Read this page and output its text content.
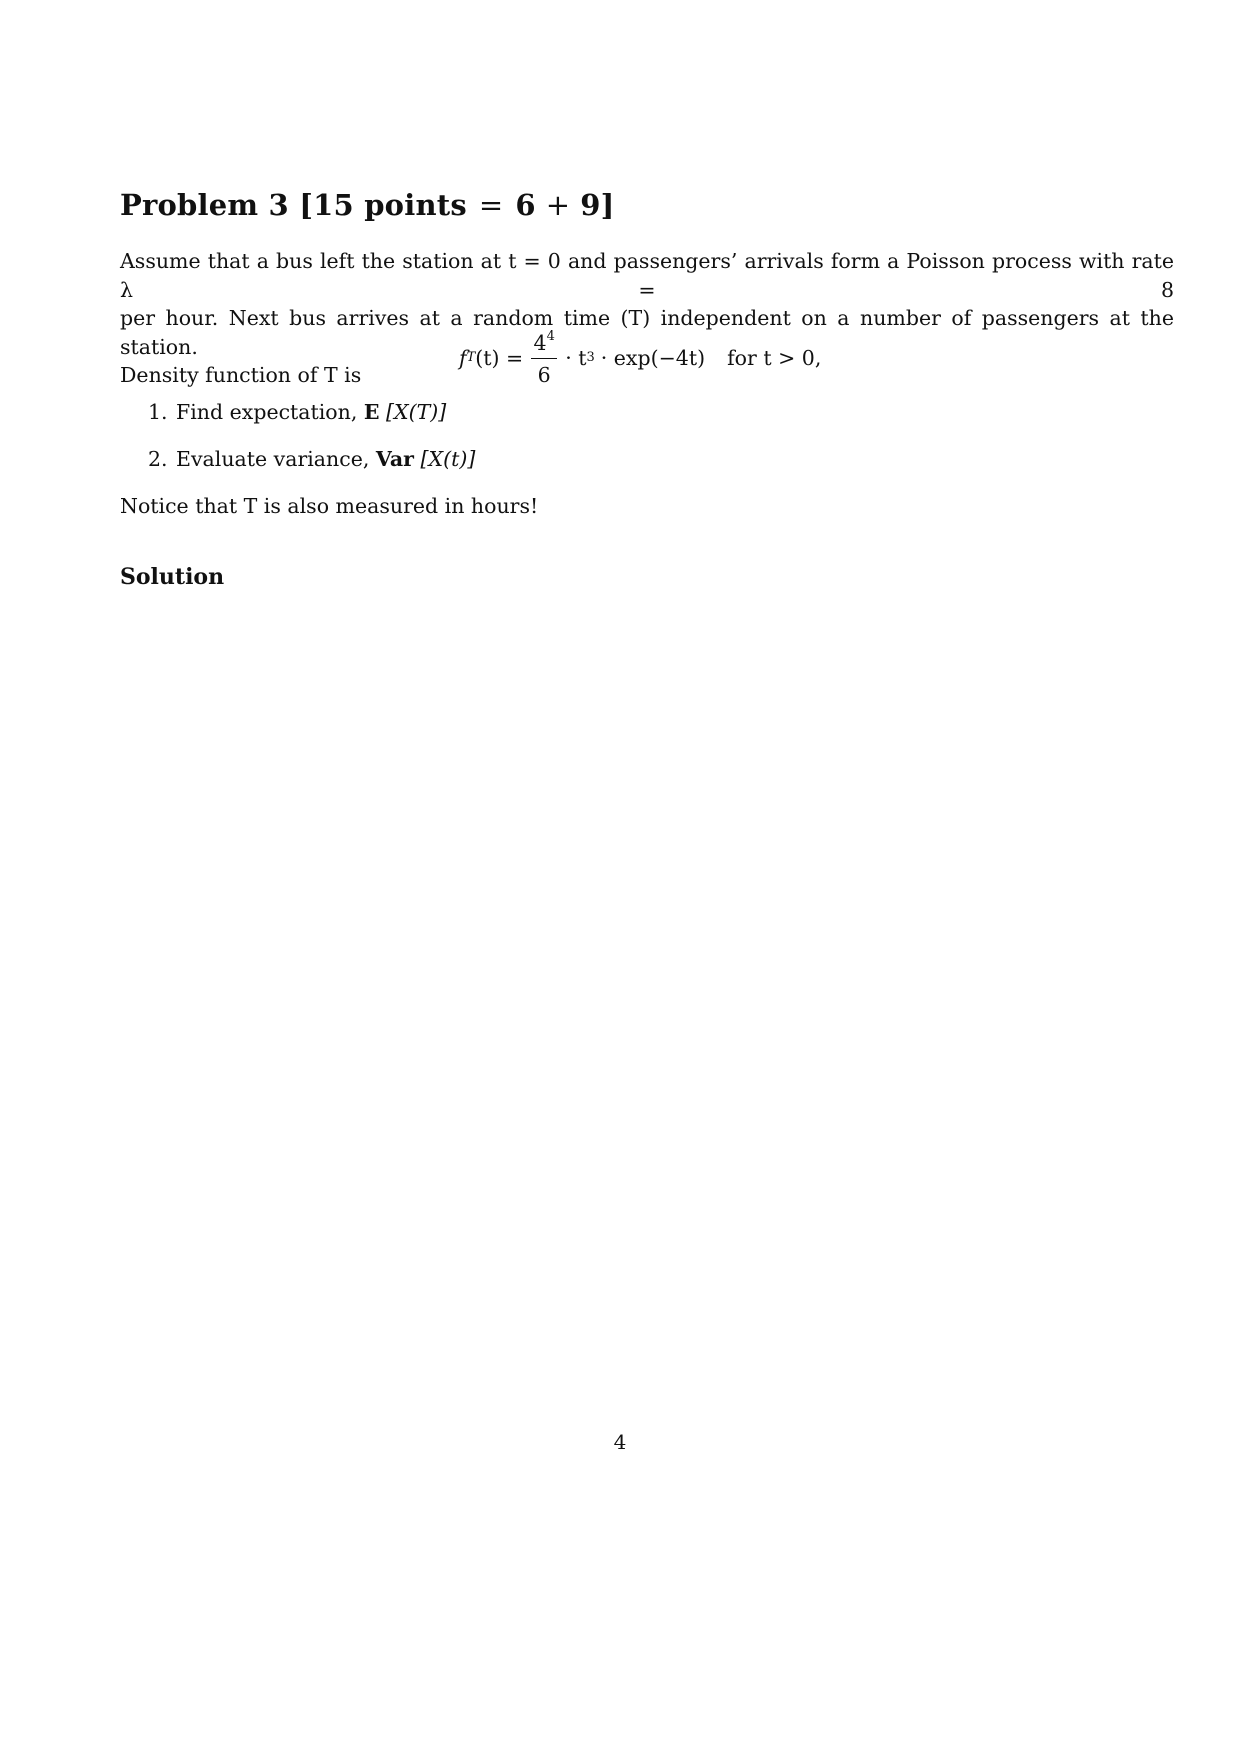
Problem 3 [15 points = 6 + 9]
Assume that a bus left the station at t = 0 and passengers’ arrivals form a Poisson process with rate λ = 8
per hour. Next bus arrives at a random time (T) independent on a number of passengers at the station.
Density function of T is
f T $(t) = \frac{4^4}{6} \cdot t$ 3 · exp(−4t) for t > 0,
1. Find expectation, E [X(T)]
2. Evaluate variance, Var [X(t)]
Notice that T is also measured in hours!
Solution
4
